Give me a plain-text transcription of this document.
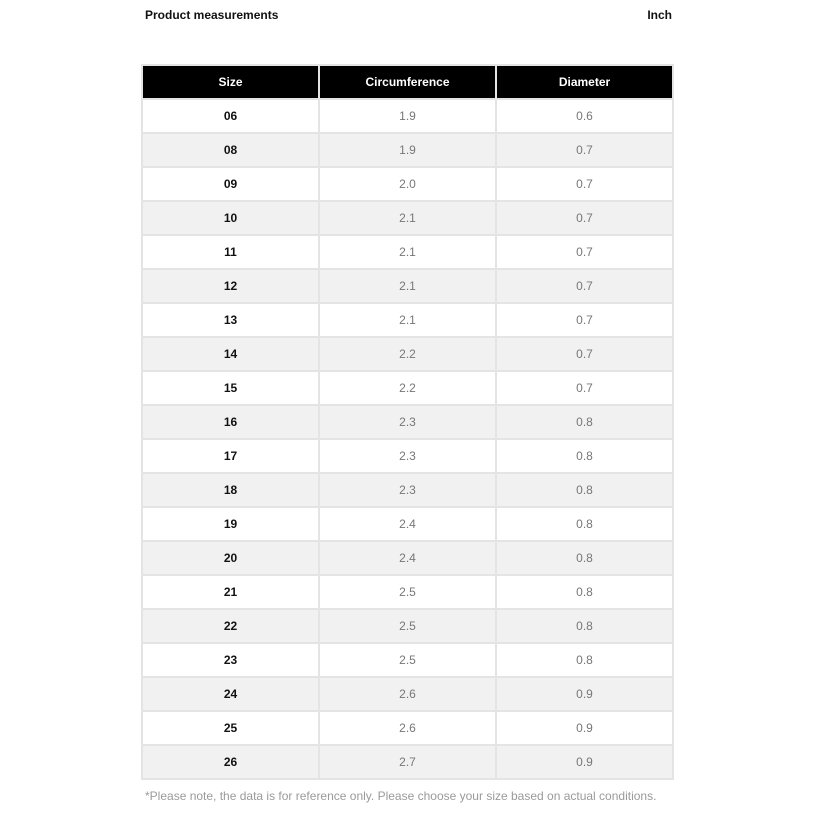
Product measurements	Inch
Size	Circumference	Diameter
06	1.9	0.6
08	1.9	0.7
09	2.0	0.7
10	2.1	0.7
11	2.1	0.7
12	2.1	0.7
13	2.1	0.7
14	2.2	0.7
15	2.2	0.7
16	2.3	0.8
17	2.3	0.8
18	2.3	0.8
19	2.4	0.8
20	2.4	0.8
21	2.5	0.8
22	2.5	0.8
23	2.5	0.8
24	2.6	0.9
25	2.6	0.9
26	2.7	0.9
*Please note, the data is for reference only. Please choose your size based on actual conditions.
